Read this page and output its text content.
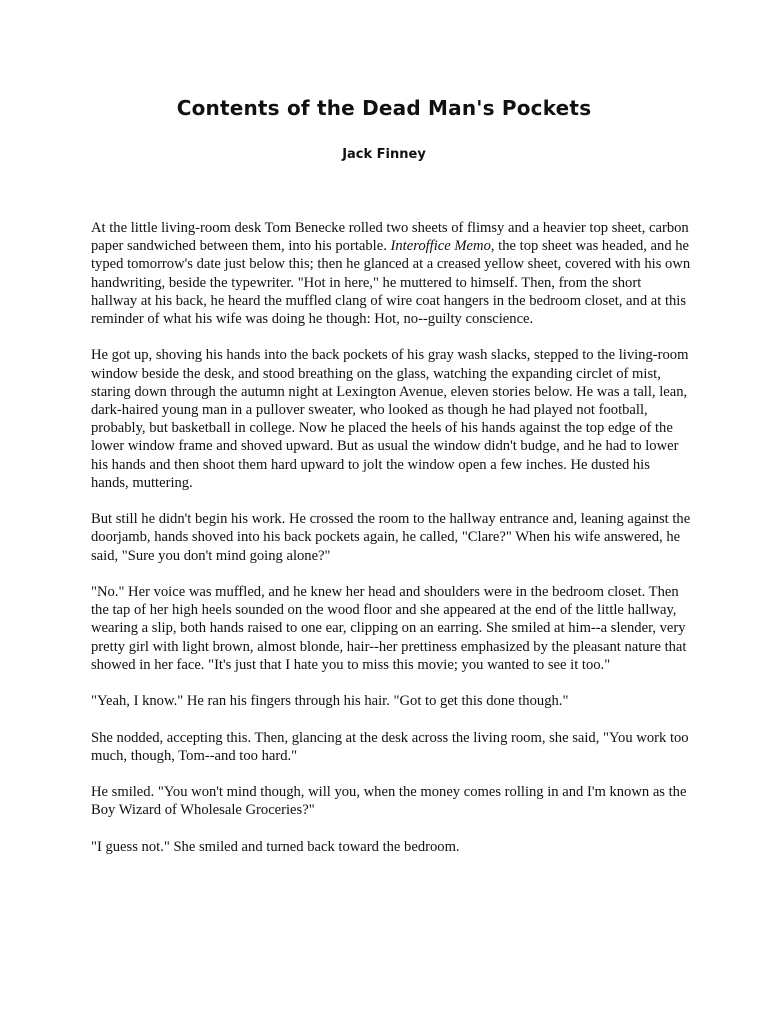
Contents of the Dead Man's Pockets
Jack Finney

At the little living-room desk Tom Benecke rolled two sheets of flimsy and a heavier top sheet, carbon paper sandwiched between them, into his portable. Interoffice Memo, the top sheet was headed, and he typed tomorrow's date just below this; then he glanced at a creased yellow sheet, covered with his own handwriting, beside the typewriter. "Hot in here," he muttered to himself. Then, from the short hallway at his back, he heard the muffled clang of wire coat hangers in the bedroom closet, and at this reminder of what his wife was doing he though: Hot, no--guilty conscience.

He got up, shoving his hands into the back pockets of his gray wash slacks, stepped to the living-room window beside the desk, and stood breathing on the glass, watching the expanding circlet of mist, staring down through the autumn night at Lexington Avenue, eleven stories below. He was a tall, lean, dark-haired young man in a pullover sweater, who looked as though he had played not football, probably, but basketball in college. Now he placed the heels of his hands against the top edge of the lower window frame and shoved upward. But as usual the window didn't budge, and he had to lower his hands and then shoot them hard upward to jolt the window open a few inches. He dusted his hands, muttering.

But still he didn't begin his work. He crossed the room to the hallway entrance and, leaning against the doorjamb, hands shoved into his back pockets again, he called, "Clare?" When his wife answered, he said, "Sure you don't mind going alone?"

"No." Her voice was muffled, and he knew her head and shoulders were in the bedroom closet. Then the tap of her high heels sounded on the wood floor and she appeared at the end of the little hallway, wearing a slip, both hands raised to one ear, clipping on an earring. She smiled at him--a slender, very pretty girl with light brown, almost blonde, hair--her prettiness emphasized by the pleasant nature that showed in her face. "It's just that I hate you to miss this movie; you wanted to see it too."

"Yeah, I know." He ran his fingers through his hair. "Got to get this done though."

She nodded, accepting this. Then, glancing at the desk across the living room, she said, "You work too much, though, Tom--and too hard."

He smiled. "You won't mind though, will you, when the money comes rolling in and I'm known as the Boy Wizard of Wholesale Groceries?"

"I guess not." She smiled and turned back toward the bedroom.
